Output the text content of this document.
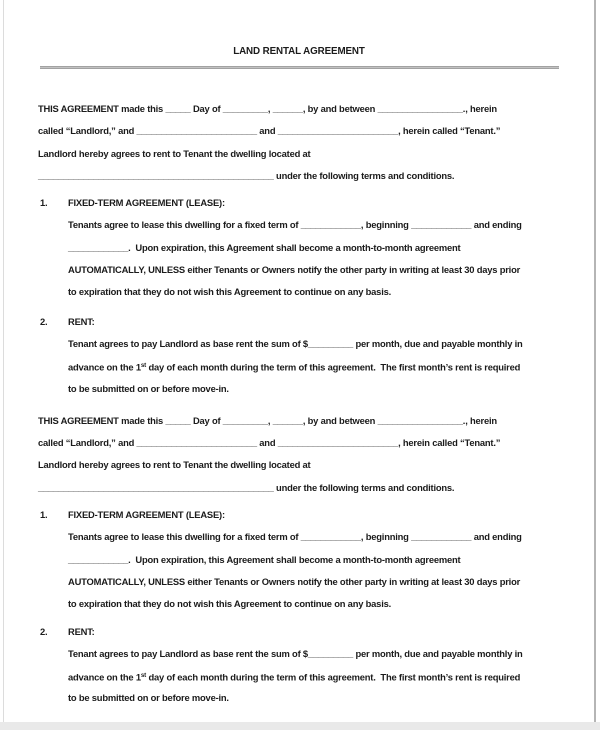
LAND RENTAL AGREEMENT
THIS AGREEMENT made this _____ Day of _________, ______, by and between _________________., herein
called “Landlord,” and ________________________ and ________________________, herein called “Tenant.”
Landlord hereby agrees to rent to Tenant the dwelling located at
_______________________________________________ under the following terms and conditions.
1.	FIXED-TERM AGREEMENT (LEASE):
Tenants agree to lease this dwelling for a fixed term of ____________, beginning ____________ and ending
____________.  Upon expiration, this Agreement shall become a month-to-month agreement
AUTOMATICALLY, UNLESS either Tenants or Owners notify the other party in writing at least 30 days prior
to expiration that they do not wish this Agreement to continue on any basis.
2.	RENT:
Tenant agrees to pay Landlord as base rent the sum of $_________ per month, due and payable monthly in
advance on the 1st day of each month during the term of this agreement.  The first month’s rent is required
to be submitted on or before move-in.
THIS AGREEMENT made this _____ Day of _________, ______, by and between _________________., herein
called “Landlord,” and ________________________ and ________________________, herein called “Tenant.”
Landlord hereby agrees to rent to Tenant the dwelling located at
_______________________________________________ under the following terms and conditions.
1.	FIXED-TERM AGREEMENT (LEASE):
Tenants agree to lease this dwelling for a fixed term of ____________, beginning ____________ and ending
____________.  Upon expiration, this Agreement shall become a month-to-month agreement
AUTOMATICALLY, UNLESS either Tenants or Owners notify the other party in writing at least 30 days prior
to expiration that they do not wish this Agreement to continue on any basis.
2.	RENT:
Tenant agrees to pay Landlord as base rent the sum of $_________ per month, due and payable monthly in
advance on the 1st day of each month during the term of this agreement.  The first month’s rent is required
to be submitted on or before move-in.
